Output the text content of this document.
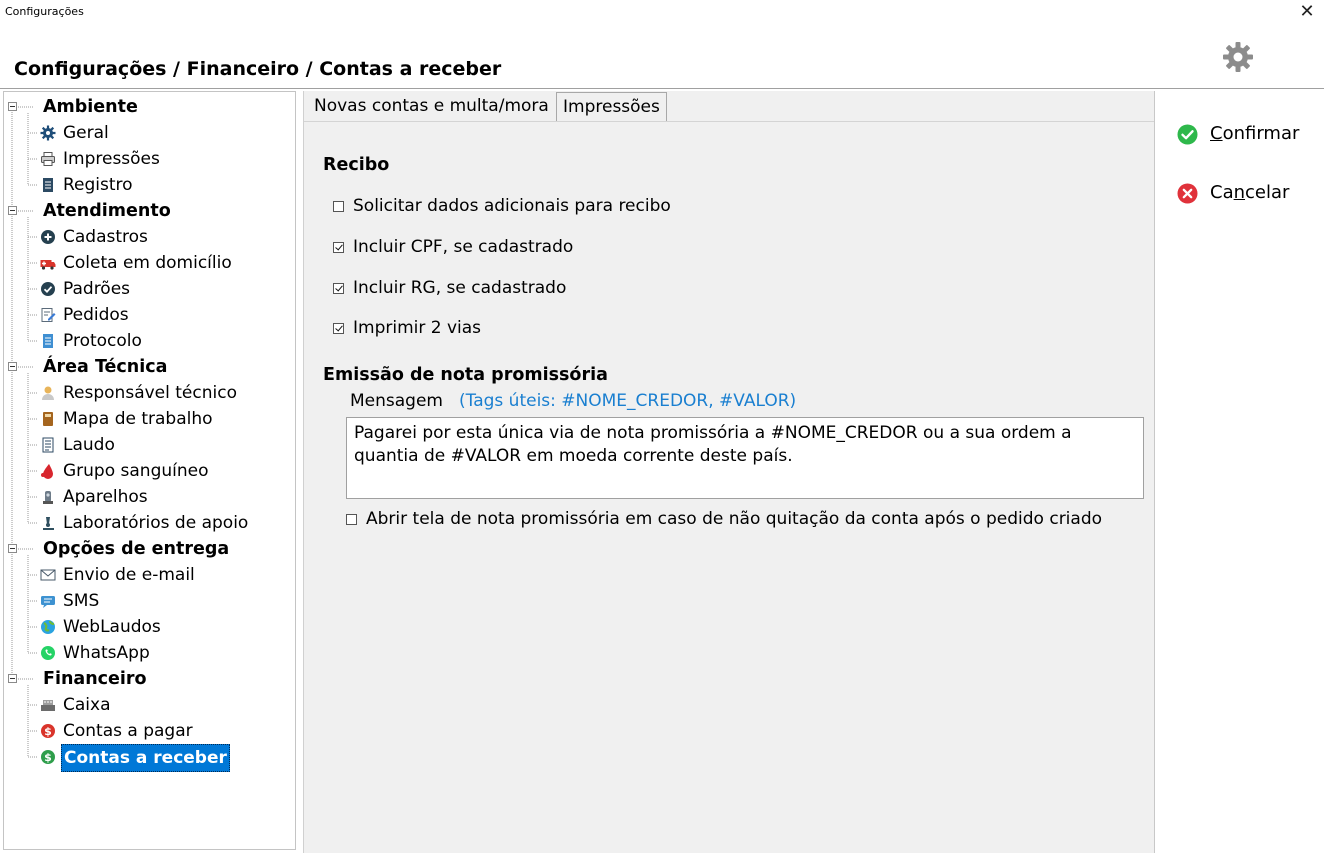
Configurações	✕
Configurações / Financeiro / Contas a receber
Ambiente
Geral
Impressões
Registro
Atendimento
Cadastros
Coleta em domicílio
Padrões
Pedidos
Protocolo
Área Técnica
Responsável técnico
Mapa de trabalho
Laudo
Grupo sanguíneo
Aparelhos
Laboratórios de apoio
Opções de entrega
Envio de e-mail
SMS
WebLaudos
WhatsApp
Financeiro
Caixa
$ Contas a pagar
$ Contas a receber
Novas contas e multa/mora Impressões
Recibo
Solicitar dados adicionais para recibo
Incluir CPF, se cadastrado
Incluir RG, se cadastrado
Imprimir 2 vias
Emissão de nota promissória
Mensagem (Tags úteis: #NOME_CREDOR, #VALOR)
Pagarei por esta única via de nota promissória a #NOME_CREDOR ou a sua ordem a quantia de #VALOR em moeda corrente deste país.
Abrir tela de nota promissória em caso de não quitação da conta após o pedido criado
Confirmar
Cancelar
